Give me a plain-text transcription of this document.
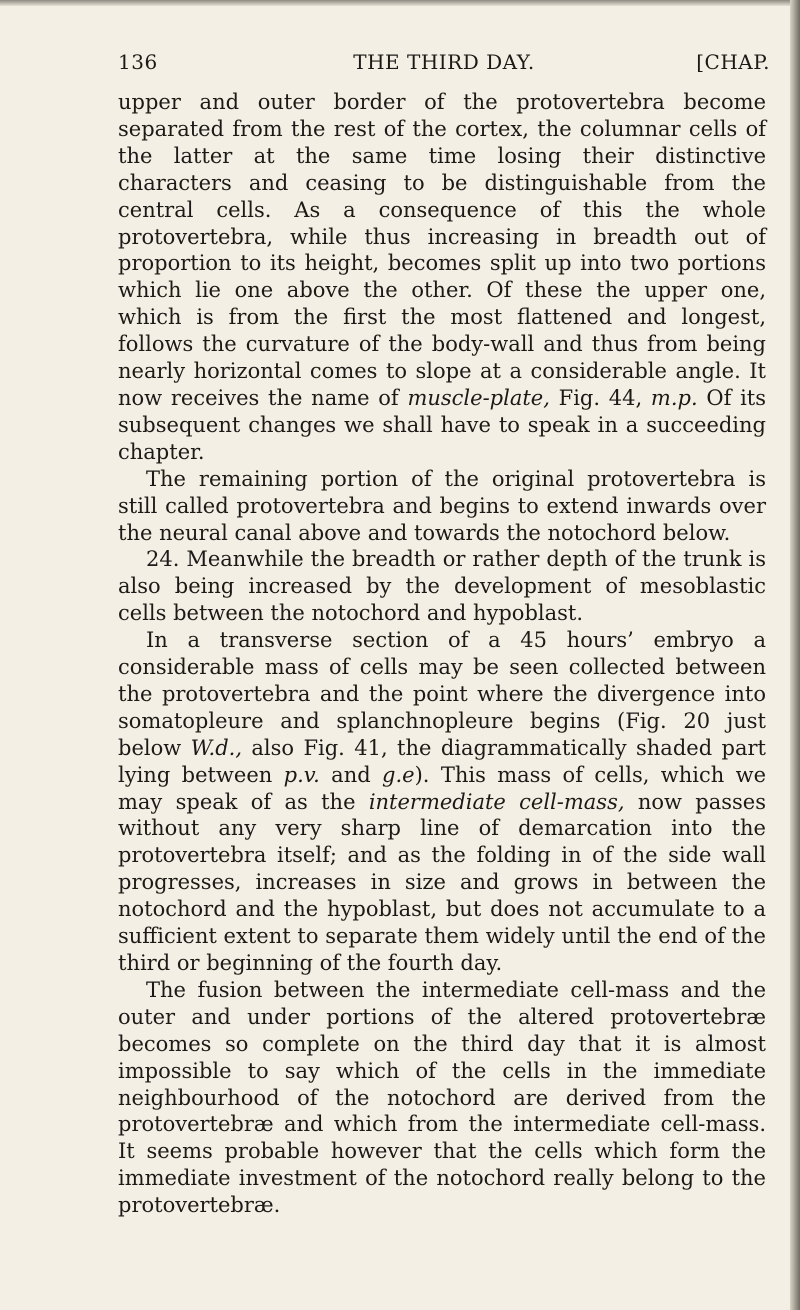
136	THE THIRD DAY.	[CHAP.

upper and outer border of the protovertebra become separated from the rest of the cortex, the columnar cells of the latter at the same time losing their distinctive characters and ceasing to be distinguishable from the central cells. As a consequence of this the whole protovertebra, while thus increasing in breadth out of proportion to its height, becomes split up into two portions which lie one above the other. Of these the upper one, which is from the first the most flattened and longest, follows the curvature of the body-wall and thus from being nearly horizontal comes to slope at a considerable angle. It now receives the name of muscle-plate, Fig. 44, m.p. Of its subsequent changes we shall have to speak in a succeeding chapter.

The remaining portion of the original protovertebra is still called protovertebra and begins to extend inwards over the neural canal above and towards the notochord below.

24. Meanwhile the breadth or rather depth of the trunk is also being increased by the development of mesoblastic cells between the notochord and hypoblast.

In a transverse section of a 45 hours’ embryo a considerable mass of cells may be seen collected between the protovertebra and the point where the divergence into somatopleure and splanchnopleure begins (Fig. 20 just below W.d., also Fig. 41, the diagrammatically shaded part lying between p.v. and g.e). This mass of cells, which we may speak of as the intermediate cell-mass, now passes without any very sharp line of demarcation into the protovertebra itself; and as the folding in of the side wall progresses, increases in size and grows in between the notochord and the hypoblast, but does not accumulate to a sufficient extent to separate them widely until the end of the third or beginning of the fourth day.

The fusion between the intermediate cell-mass and the outer and under portions of the altered protovertebræ becomes so complete on the third day that it is almost impossible to say which of the cells in the immediate neighbourhood of the notochord are derived from the protovertebræ and which from the intermediate cell-mass. It seems probable however that the cells which form the immediate investment of the notochord really belong to the protovertebræ.
